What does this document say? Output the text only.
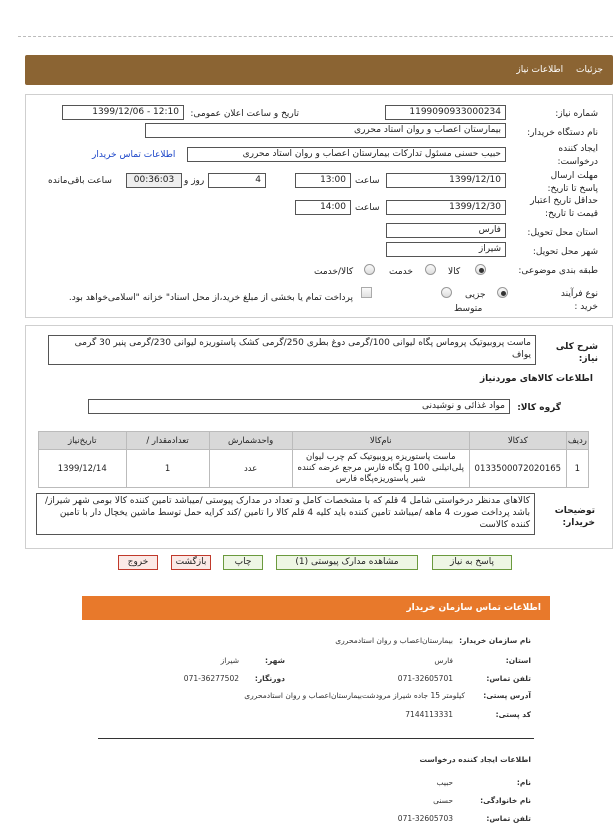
جزئیات اطلاعات نیاز
شماره نیاز:
1199090933000234
تاریخ و ساعت اعلان عمومی:
1399/12/06 - 12:10
نام دستگاه خریدار:
بیمارستان اعصاب و روان استاد محرری
ایجاد کننده درخواست:
حبیب حسنی مسئول تدارکات بیمارستان اعصاب و روان استاد محرری
اطلاعات تماس خریدار
مهلت ارسال پاسخ تا تاریخ:
1399/12/10
ساعت
13:00
4
روز و
00:36:03
ساعت باقی‌مانده
حداقل تاریخ اعتبار قیمت تا تاریخ:
1399/12/30
ساعت
14:00
استان محل تحویل:
فارس
شهر محل تحویل:
شیراز
طبقه بندی موضوعی:
کالا
خدمت
کالا/خدمت
نوع فرآیند خرید :
جزیی
متوسط
پرداخت تمام یا بخشی از مبلغ خرید،از محل اسناد" خزانه "اسلامی‌خواهد بود.
شرح کلی نیاز:
ماست پروبیوتیک پروماس پگاه لیوانی 100/گرمی دوغ بطری 250/گرمی کشک پاستوریزه لیوانی 230/گرمی پنیر 30 گرمی یواف
اطلاعات کالاهای موردنیاز
گروه کالا:
مواد غذائی و نوشیدنی
ردیف	کدکالا	نام‌کالا	واحدشمارش	تعدادمقدار /	تاریخ‌نیاز
1	0133500072020165	ماست پاستوریزه پروبیوتیک کم چرب لیوان پلی‌اتیلنی 100 g پگاه فارس مرجع عرضه کننده شیر پاستوریزه‌پگاه فارس	عدد	1	1399/12/14
توضیحات خریدار:
کالاهای مدنظر درخواستی شامل 4 قلم که با مشخصات کامل و تعداد در مدارک پیوستی /میباشد تامین کننده کالا بومی شهر شیراز/باشد پرداخت صورت 4 ماهه /میباشد تامین کننده باید کلیه 4 قلم کالا را تامین /کند کرایه حمل توسط ماشین یخچال دار با تامین کننده کالاست
پاسخ به نیاز
مشاهده مدارک پیوستی (1)
چاپ
بازگشت
خروج
اطلاعات تماس سازمان خریدار
نام سازمان خریدار:
بیمارستان‌اعصاب و روان استادمحرری
استان:
فارس
شهر:
شیراز
تلفن تماس:
071-32605701
دورنگار:
071-36277502
آدرس پستی:
کیلومتر 15 جاده شیراز مرودشت‌بیمارستان‌اعصاب و روان استادمحرری
کد پستی:
7144113331
اطلاعات ایجاد کننده درخواست
نام:
حبیب
نام خانوادگی:
حسنی
تلفن تماس:
071-32605703
